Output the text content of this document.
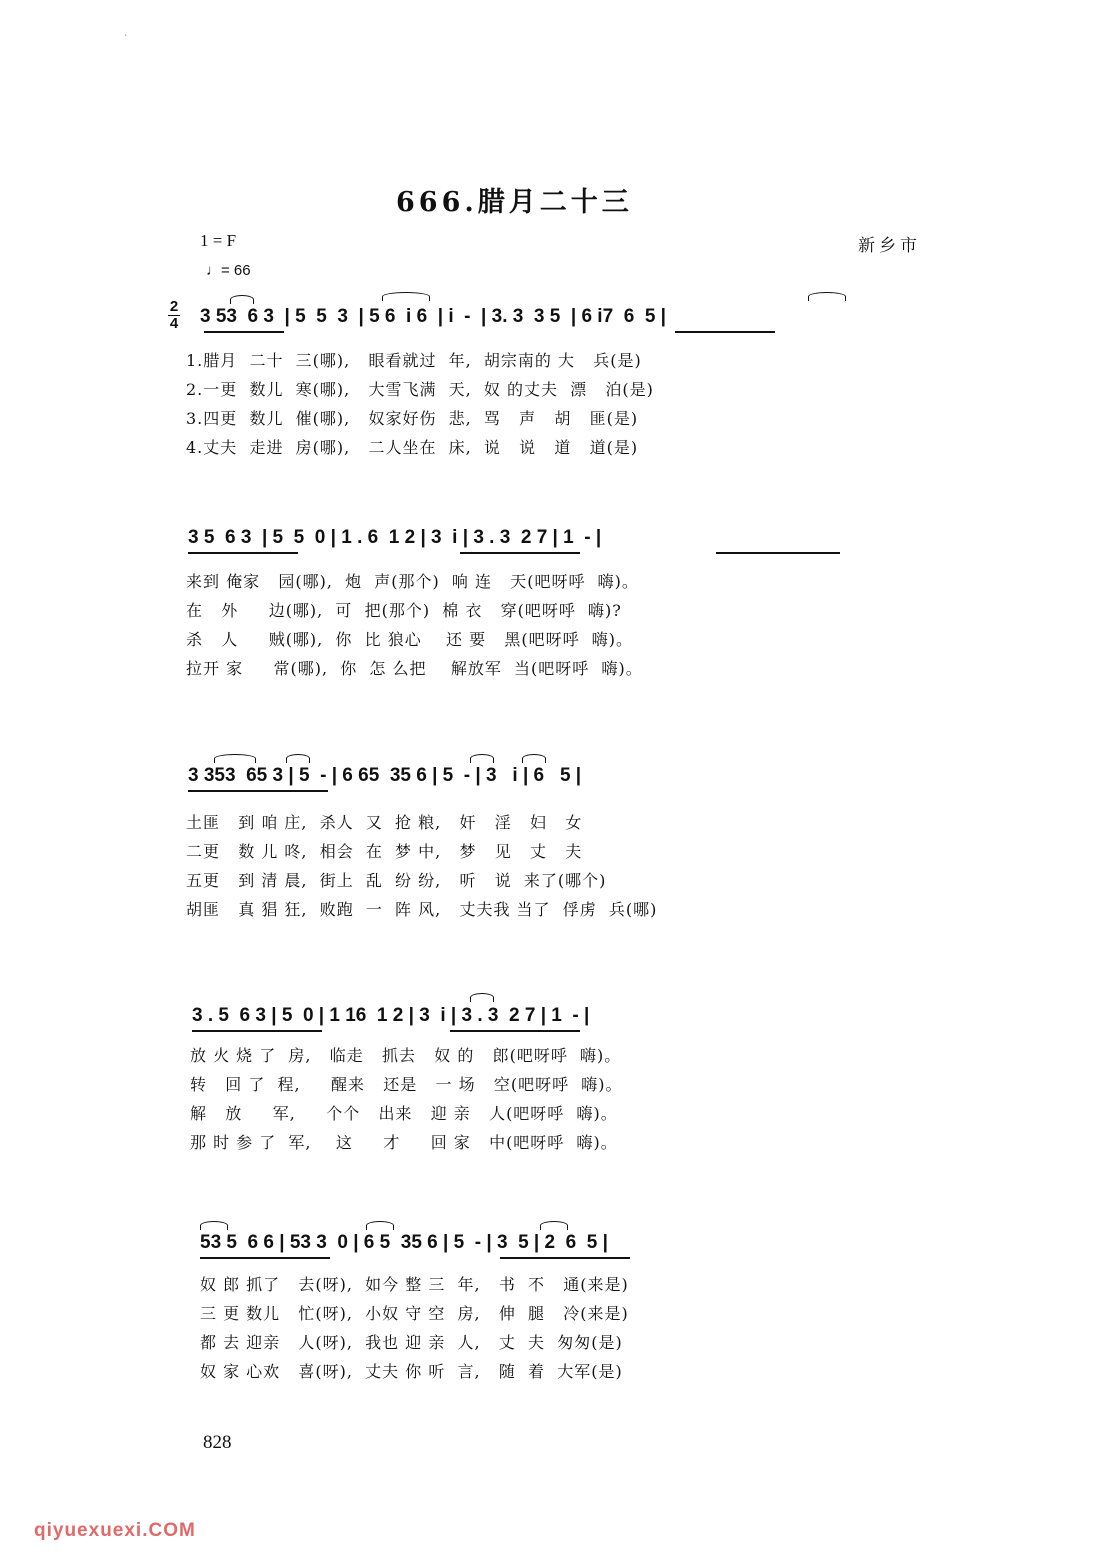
`
666.腊月二十三
1 = F
♩= 66
新乡市
2
4 3 53  6 3  | 5  5  3  | 5 6  i 6  | i  -  | 3. 3  3 5  | 6 i7  6  5 |
1.腊月  二十  三(哪),   眼看就过  年,  胡宗南的 大   兵(是)
2.一更  数儿  寒(哪),   大雪飞满  天,  奴 的丈夫  漂   泊(是)
3.四更  数儿  催(哪),   奴家好伤  悲,  骂   声   胡   匪(是)
4.丈夫  走进  房(哪),   二人坐在  床,  说   说   道   道(是)
3 5  6 3  | 5  5  0 | 1 . 6  1 2 | 3  i | 3 . 3  2 7 | 1  - |
来到 俺家   园(哪),  炮  声(那个)  响 连   天(吧呀呼  嗨)。
在   外     边(哪),  可  把(那个)  棉 衣   穿(吧呀呼  嗨)?
杀   人     贼(哪),  你  比 狼心    还 要   黑(吧呀呼  嗨)。
拉开 家     常(哪),  你  怎 么把    解放军  当(吧呀呼  嗨)。
3 353  65 3 | 5  - | 6 65  35 6 | 5  - | 3   i | 6   5 |
土匪   到 咱 庄,  杀人  又  抢 粮,   奸   淫   妇   女
二更   数 儿 咚,  相会  在  梦 中,   梦   见   丈   夫
五更   到 清 晨,  街上  乱  纷 纷,   听   说  来了(哪个)
胡匪   真 猖 狂,  败跑  一  阵 风,   丈夫我 当了  俘虏  兵(哪)
3 . 5  6 3 | 5  0 | 1 16  1 2 | 3  i | 3 . 3  2 7 | 1  - |
放 火 烧 了  房,   临走   抓去   奴 的   郎(吧呀呼  嗨)。
转   回 了  程,     醒来   还是   一 场   空(吧呀呼  嗨)。
解   放     军,     个个   出来   迎 亲   人(吧呀呼  嗨)。
那 时 参 了  军,    这     才     回 家   中(吧呀呼  嗨)。
53 5  6 6 | 53 3  0 | 6 5  35 6 | 5  - | 3  5 | 2  6  5 |
奴 郎 抓了   去(呀),  如今 整 三  年,   书  不   通(来是)
三 更 数儿   忙(呀),  小奴 守 空  房,   伸  腿   冷(来是)
都 去 迎亲   人(呀),  我也 迎 亲  人,   丈  夫  匆匆(是)
奴 家 心欢   喜(呀),  丈夫 你 听  言,   随  着  大军(是)
828
qiyuexuexi.COM
